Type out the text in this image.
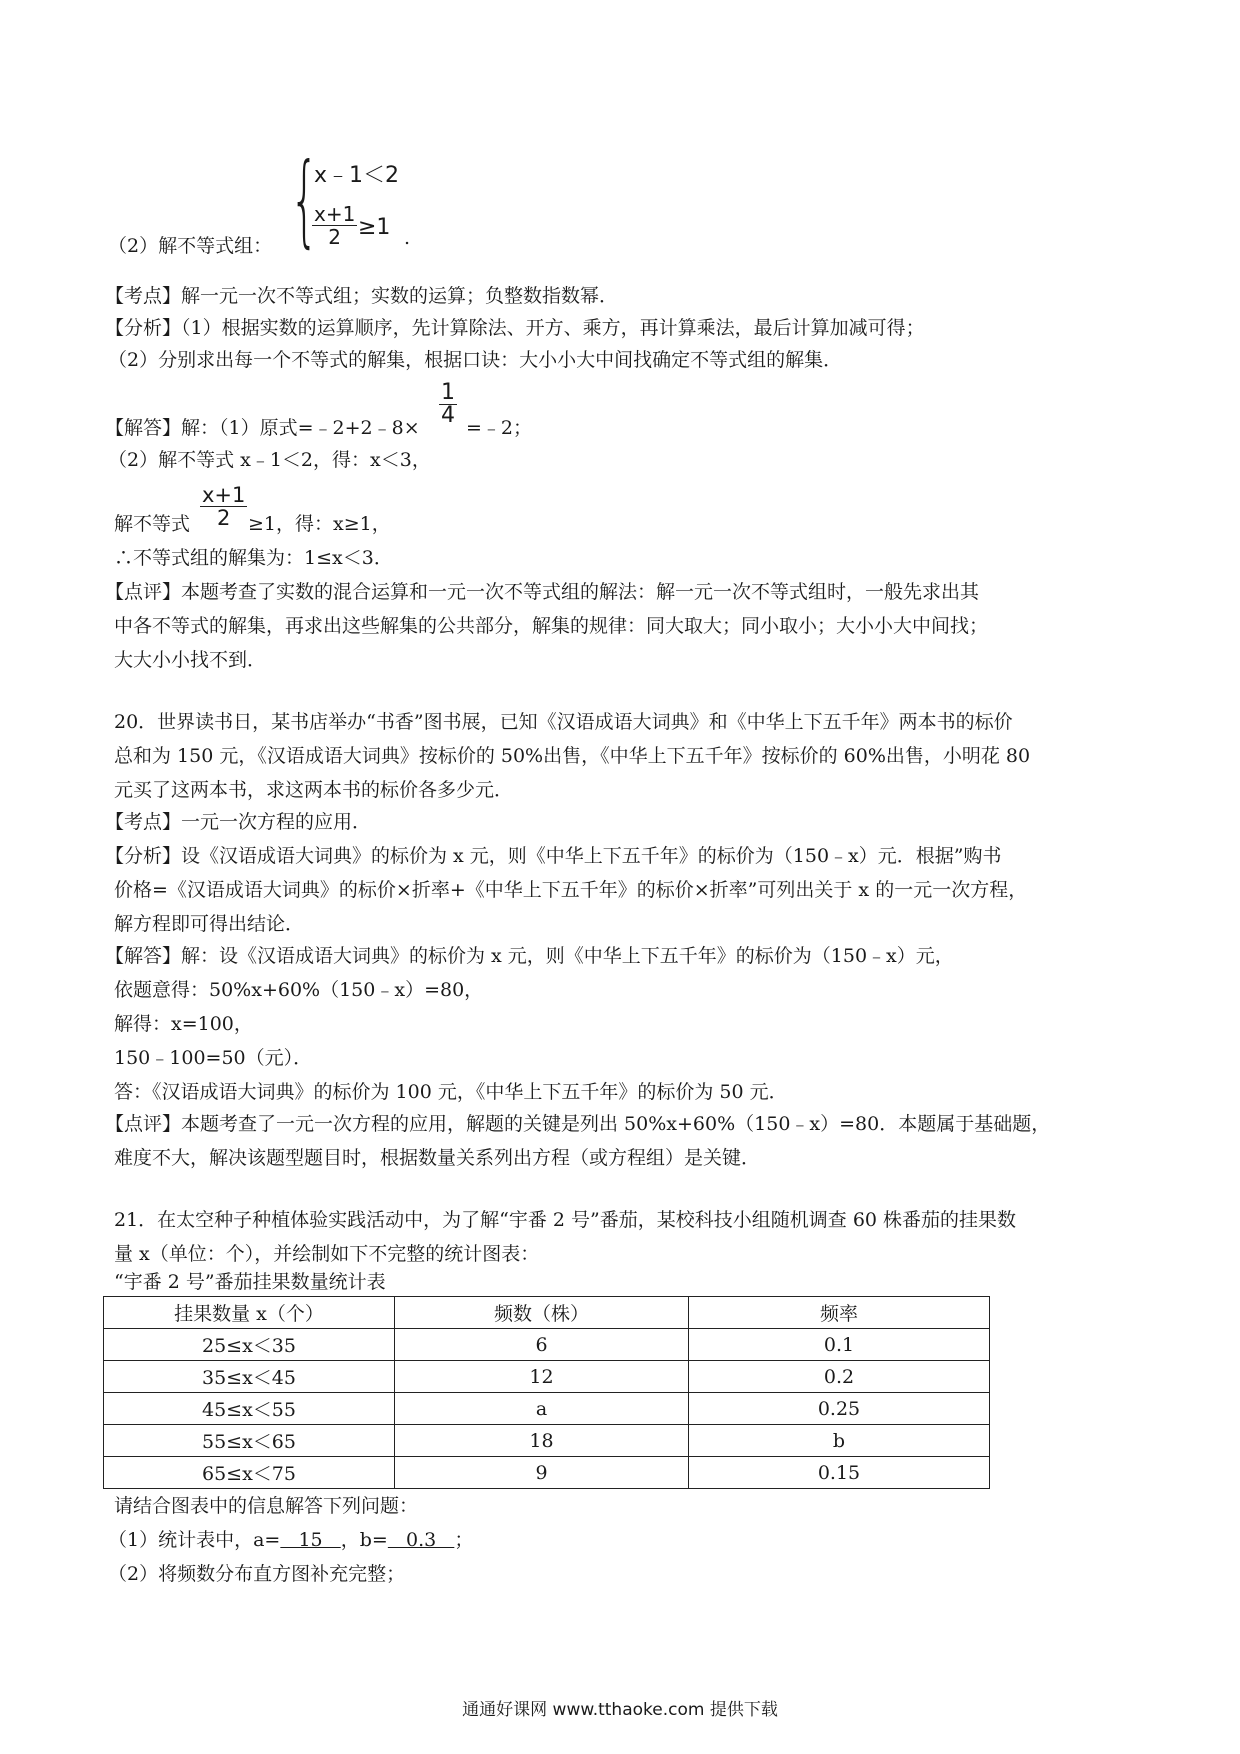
{
x﹣1＜2
$\frac{x+1}{2} \ge 1$ .
（2）解不等式组：
【考点】解一元一次不等式组；实数的运算；负整数指数幂．
【分析】（1）根据实数的运算顺序，先计算除法、开方、乘方，再计算乘法，最后计算加减可得；
（2）分别求出每一个不等式的解集，根据口诀：大小小大中间找确定不等式组的解集．
【解答】解：（1）原式=﹣2+2﹣8×
$\frac{1}{4}$
=﹣2；
（2）解不等式 x﹣1＜2，得：x＜3，
解不等式 $\frac{x+1}{2} \ge 1$，得：x≥1，
∴不等式组的解集为：1≤x＜3．
【点评】本题考查了实数的混合运算和一元一次不等式组的解法：解一元一次不等式组时，一般先求出其
中各不等式的解集，再求出这些解集的公共部分，解集的规律：同大取大；同小取小；大小小大中间找；
大大小小找不到．
20．世界读书日，某书店举办“书香”图书展，已知《汉语成语大词典》和《中华上下五千年》两本书的标价
总和为 150 元，《汉语成语大词典》按标价的 50%出售，《中华上下五千年》按标价的 60%出售，小明花 80
元买了这两本书，求这两本书的标价各多少元．
【考点】一元一次方程的应用．
【分析】设《汉语成语大词典》的标价为 x 元，则《中华上下五千年》的标价为（150﹣x）元．根据”购书
价格=《汉语成语大词典》的标价×折率+《中华上下五千年》的标价×折率”可列出关于 x 的一元一次方程，
解方程即可得出结论．
【解答】解：设《汉语成语大词典》的标价为 x 元，则《中华上下五千年》的标价为（150﹣x）元，
依题意得：50%x+60%（150﹣x）=80，
解得：x=100，
150﹣100=50（元）．
答：《汉语成语大词典》的标价为 100 元，《中华上下五千年》的标价为 50 元．
【点评】本题考查了一元一次方程的应用，解题的关键是列出 50%x+60%（150﹣x）=80．本题属于基础题，
难度不大，解决该题型题目时，根据数量关系列出方程（或方程组）是关键．
21．在太空种子种植体验实践活动中，为了解“宇番 2 号”番茄，某校科技小组随机调查 60 株番茄的挂果数
量 x（单位：个），并绘制如下不完整的统计图表：
“宇番 2 号”番茄挂果数量统计表
挂果数量 x（个）	频数（株）	频率
25≤x＜35	6	0.1
35≤x＜45	12	0.2
45≤x＜55	a	0.25
55≤x＜65	18	b
65≤x＜75	9	0.15
请结合图表中的信息解答下列问题：
（1）统计表中，a=   15   ，b=   0.3   ；
（2）将频数分布直方图补充完整；
通通好课网 www.tthaoke.com 提供下载
